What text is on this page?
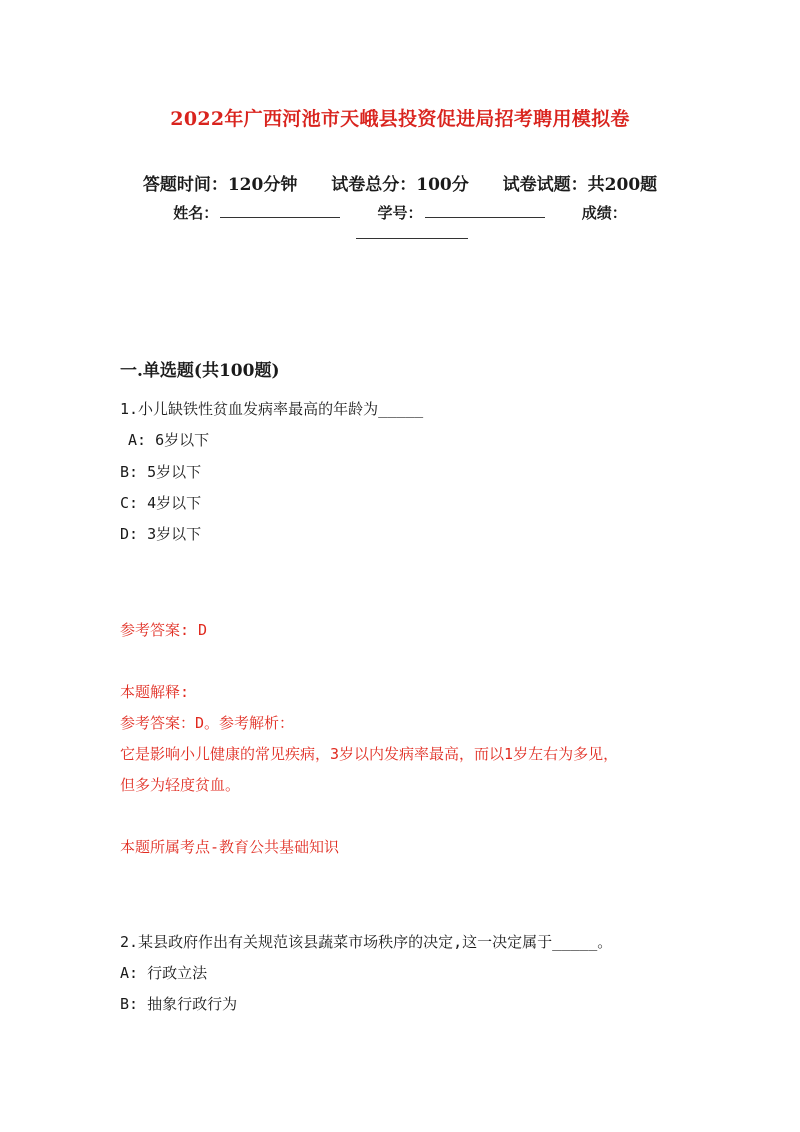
2022年广西河池市天峨县投资促进局招考聘用模拟卷
答题时间：120分钟 试卷总分：100分 试卷试题：共200题
姓名：	学号：	成绩：
一.单选题(共100题)
1.小儿缺铁性贫血发病率最高的年龄为_____
A: 6岁以下
B: 5岁以下
C: 4岁以下
D: 3岁以下
参考答案: D
本题解释:
参考答案：D。参考解析：
它是影响小儿健康的常见疾病，3岁以内发病率最高，而以1岁左右为多见，
但多为轻度贫血。
本题所属考点-教育公共基础知识
2.某县政府作出有关规范该县蔬菜市场秩序的决定,这一决定属于_____。
A: 行政立法
B: 抽象行政行为
